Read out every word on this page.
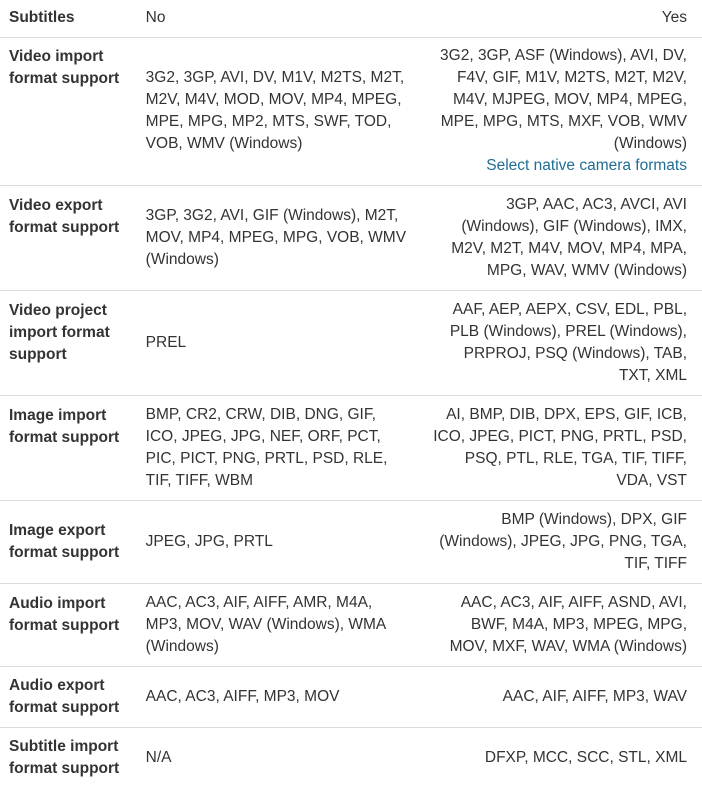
Subtitles	No	Yes

Video import format support	3G2, 3GP, AVI, DV, M1V, M2TS, M2T, M2V, M4V, MOD, MOV, MP4, MPEG, MPE, MPG, MP2, MTS, SWF, TOD, VOB, WMV (Windows)	3G2, 3GP, ASF (Windows), AVI, DV, F4V, GIF, M1V, M2TS, M2T, M2V, M4V, MJPEG, MOV, MP4, MPEG, MPE, MPG, MTS, MXF, VOB, WMV (Windows)
Select native camera formats

Video export format support	3GP, 3G2, AVI, GIF (Windows), M2T, MOV, MP4, MPEG, MPG, VOB, WMV (Windows)	3GP, AAC, AC3, AVCI, AVI (Windows), GIF (Windows), IMX, M2V, M2T, M4V, MOV, MP4, MPA, MPG, WAV, WMV (Windows)

Video project import format support	PREL	AAF, AEP, AEPX, CSV, EDL, PBL, PLB (Windows), PREL (Windows), PRPROJ, PSQ (Windows), TAB, TXT, XML

Image import format support	BMP, CR2, CRW, DIB, DNG, GIF, ICO, JPEG, JPG, NEF, ORF, PCT, PIC, PICT, PNG, PRTL, PSD, RLE, TIF, TIFF, WBM	AI, BMP, DIB, DPX, EPS, GIF, ICB, ICO, JPEG, PICT, PNG, PRTL, PSD, PSQ, PTL, RLE, TGA, TIF, TIFF, VDA, VST

Image export format support	JPEG, JPG, PRTL	BMP (Windows), DPX, GIF (Windows), JPEG, JPG, PNG, TGA, TIF, TIFF

Audio import format support	AAC, AC3, AIF, AIFF, AMR, M4A, MP3, MOV, WAV (Windows), WMA (Windows)	AAC, AC3, AIF, AIFF, ASND, AVI, BWF, M4A, MP3, MPEG, MPG, MOV, MXF, WAV, WMA (Windows)

Audio export format support	AAC, AC3, AIFF, MP3, MOV	AAC, AIF, AIFF, MP3, WAV

Subtitle import format support	N/A	DFXP, MCC, SCC, STL, XML
